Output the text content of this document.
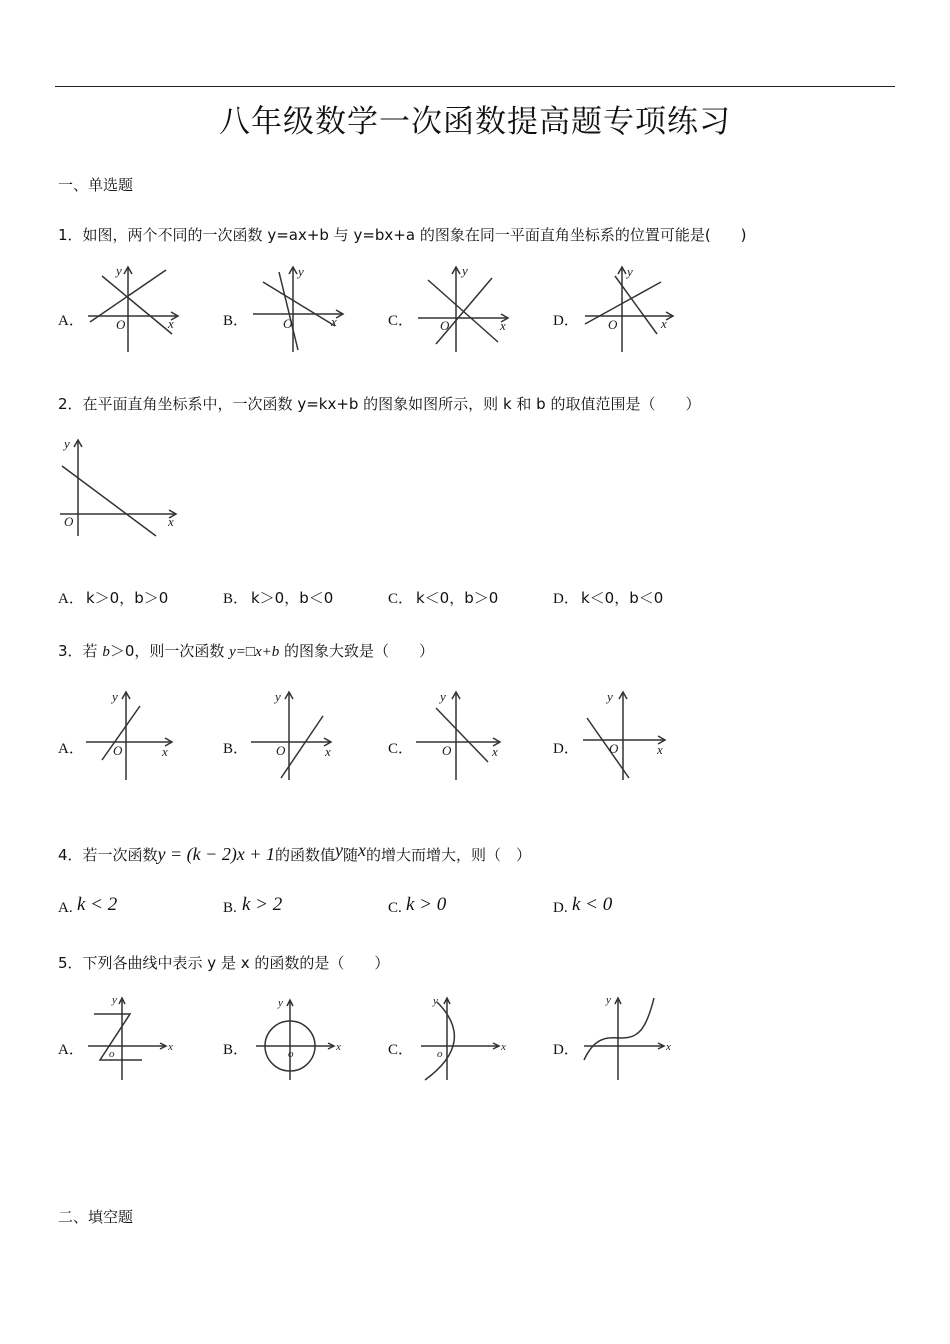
八年级数学一次函数提高题专项练习
一、单选题
1．如图，两个不同的一次函数 y=ax+b 与 y=bx+a 的图象在同一平面直角坐标系的位置可能是(　　)
A．	B．	C．	D．
O	x
y
O	x
y
O	x
y
O	x
y
2．在平面直角坐标系中，一次函数 y=kx+b 的图象如图所示，则 k 和 b 的取值范围是（　　）
O	x
y
A． k＞0，b＞0	B． k＞0，b＜0	C． k＜0，b＞0	D． k＜0，b＜0
3．若 b＞0，则一次函数 y=□x+b 的图象大致是（　　）
A．	B．	C．	D．
O	x
y
O	x
y
O	x
y
O	x
y
4．若一次函数y = (k − 2)x + 1的函数值y随x的增大而增大，则（　）
A. k < 2	B. k > 2	C. k > 0	D. k < 0
5．下列各曲线中表示 y 是 x 的函数的是（　　）
A．	B．	C．	D．
o
x
y
o
x
y
o
x
y	y
x
二、填空题
